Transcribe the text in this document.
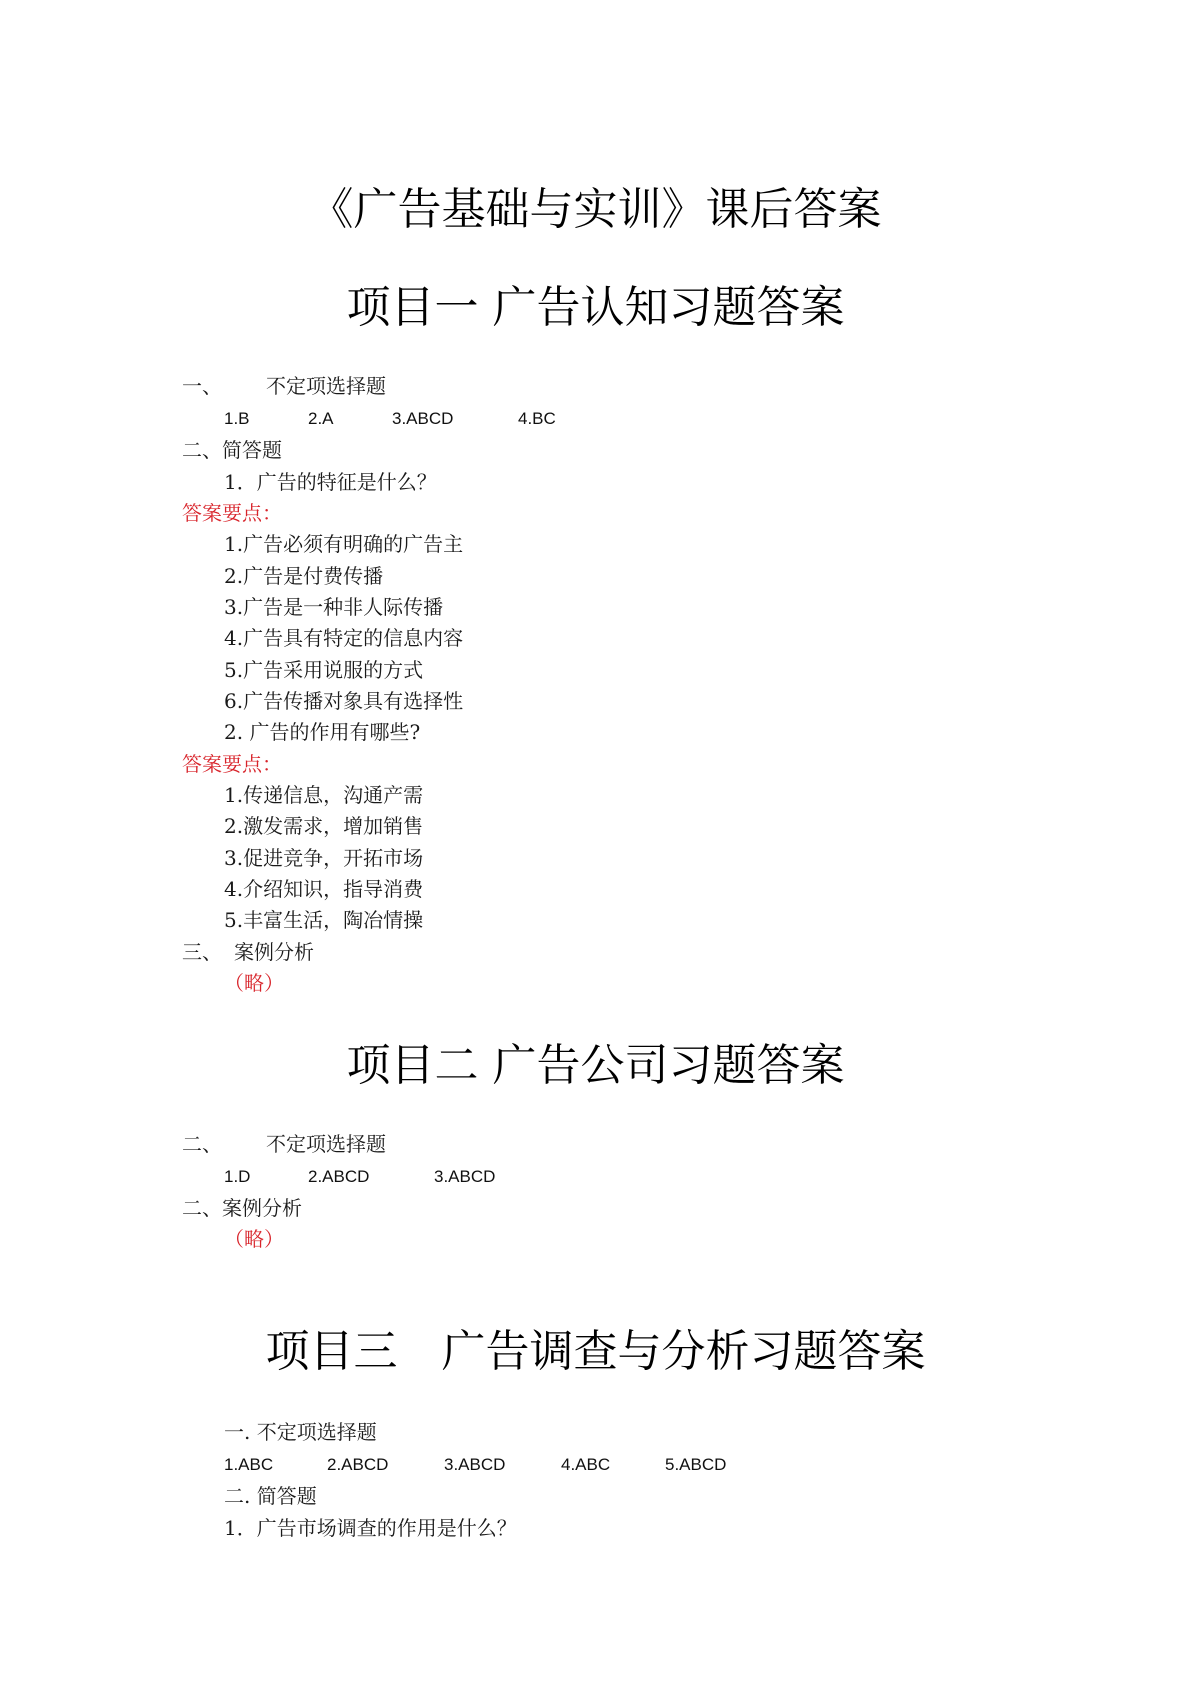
《广告基础与实训》课后答案
项目一 广告认知习题答案
一、 不定项选择题
1.B	2.A	3.ABCD	4.BC
二、简答题
1．广告的特征是什么？
答案要点：
1.广告必须有明确的广告主
2.广告是付费传播
3.广告是一种非人际传播
4.广告具有特定的信息内容
5.广告采用说服的方式
6.广告传播对象具有选择性
2. 广告的作用有哪些?
答案要点：
1.传递信息，沟通产需
2.激发需求，增加销售
3.促进竞争，开拓市场
4.介绍知识，指导消费
5.丰富生活，陶冶情操
三、 案例分析
（略）
项目二 广告公司习题答案
二、 不定项选择题
1.D	2.ABCD	3.ABCD
二、案例分析
（略）
项目三　广告调查与分析习题答案
一. 不定项选择题
1.ABC	2.ABCD	3.ABCD	4.ABC	5.ABCD
二. 简答题
1．广告市场调查的作用是什么？
